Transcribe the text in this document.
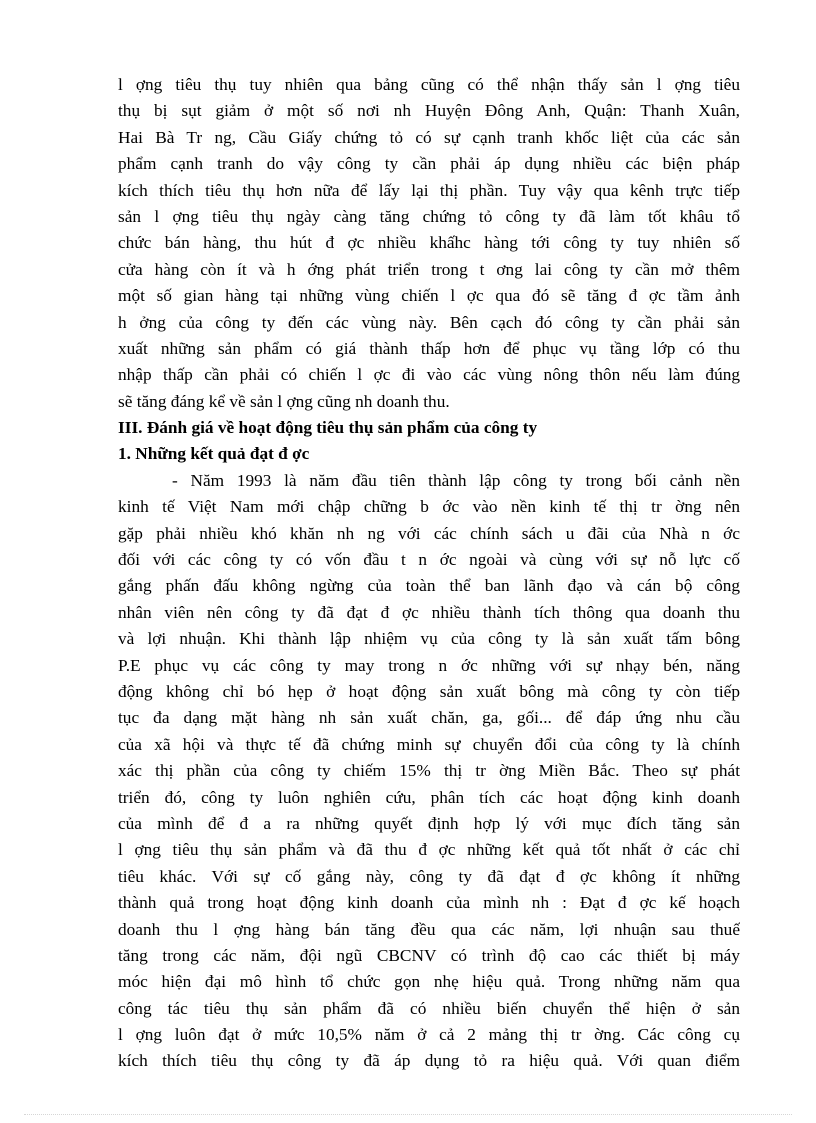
l ợng tiêu thụ tuy nhiên qua bảng cũng có thể nhận thấy sản l ợng tiêu
thụ bị sụt giảm ở một số nơi nh Huyện Đông Anh, Quận: Thanh Xuân,
Hai Bà Tr ng, Cầu Giấy chứng tỏ có sự cạnh tranh khốc liệt của các sản
phẩm cạnh tranh do vậy công ty cần phải áp dụng nhiều các biện pháp
kích thích tiêu thụ hơn nữa để lấy lại thị phần. Tuy vậy qua kênh trực tiếp
sản l ợng tiêu thụ ngày càng tăng chứng tỏ công ty đã làm tốt khâu tổ
chức bán hàng, thu hút đ ợc nhiều khấhc hàng tới công ty tuy nhiên số
cửa hàng còn ít và h ớng phát triển trong t ơng lai công ty cần mở thêm
một số gian hàng tại những vùng chiến l ợc qua đó sẽ tăng đ ợc tầm ảnh
h ởng của công ty đến các vùng này. Bên cạch đó công ty cần phải sản
xuất những sản phẩm có giá thành thấp hơn để phục vụ tầng lớp có thu
nhập thấp cần phải có chiến l ợc đi vào các vùng nông thôn nếu làm đúng
sẽ tăng đáng kể về sản l ợng cũng nh doanh thu.
III. Đánh giá về hoạt động tiêu thụ sản phẩm của công ty
1. Những kết quả đạt đ ợc
- Năm 1993 là năm đầu tiên thành lập công ty trong bối cảnh nền
kinh tế Việt Nam mới chập chững b ớc vào nền kinh tế thị tr ờng nên
gặp phải nhiều khó khăn nh ng với các chính sách u đãi của Nhà n ớc
đối với các công ty có vốn đầu t n ớc ngoài và cùng với sự nỗ lực cố
gắng phấn đấu không ngừng của toàn thể ban lãnh đạo và cán bộ công
nhân viên nên công ty đã đạt đ ợc nhiều thành tích thông qua doanh thu
và lợi nhuận. Khi thành lập nhiệm vụ của công ty là sản xuất tấm bông
P.E phục vụ các công ty may trong n ớc những với sự nhạy bén, năng
động không chỉ bó hẹp ở hoạt động sản xuất bông mà công ty còn tiếp
tục đa dạng mặt hàng nh sản xuất chăn, ga, gối... để đáp ứng nhu cầu
của xã hội và thực tế đã chứng minh sự chuyển đổi của công ty là chính
xác thị phần của công ty chiếm 15% thị tr ờng Miền Bắc. Theo sự phát
triển đó, công ty luôn nghiên cứu, phân tích các hoạt động kinh doanh
của mình để đ a ra những quyết định hợp lý với mục đích tăng sản
l ợng tiêu thụ sản phẩm và đã thu đ ợc những kết quả tốt nhất ở các chỉ
tiêu khác. Với sự cố gắng này, công ty đã đạt đ ợc không ít những
thành quả trong hoạt động kinh doanh của mình nh : Đạt đ ợc kế hoạch
doanh thu l ợng hàng bán tăng đều qua các năm, lợi nhuận sau thuế
tăng trong các năm, đội ngũ CBCNV có trình độ cao các thiết bị máy
móc hiện đại mô hình tổ chức gọn nhẹ hiệu quả. Trong những năm qua
công tác tiêu thụ sản phẩm đã có nhiều biến chuyển thể hiện ở sản
l ợng luôn đạt ở mức 10,5% năm ở cả 2 mảng thị tr ờng. Các công cụ
kích thích tiêu thụ công ty đã áp dụng tỏ ra hiệu quả. Với quan điểm
